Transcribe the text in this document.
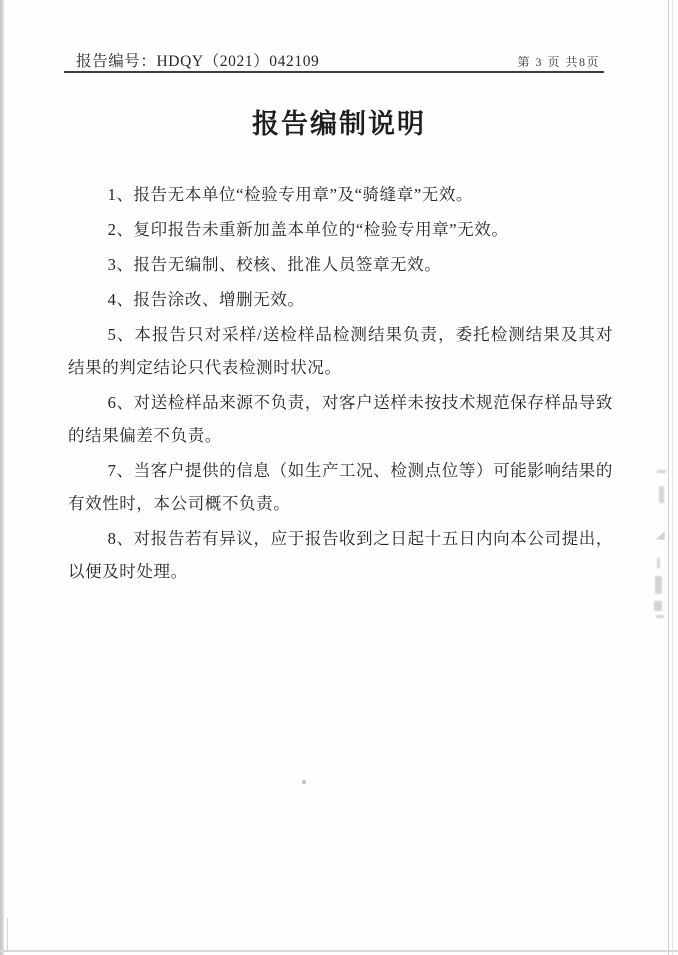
报告编号：HDQY（2021）042109	第 3 页 共8页
报告编制说明

1、报告无本单位“检验专用章”及“骑缝章”无效。

2、复印报告未重新加盖本单位的“检验专用章”无效。

3、报告无编制、校核、批准人员签章无效。

4、报告涂改、增删无效。

5、本报告只对采样/送检样品检测结果负责，委托检测结果及其对结果的判定结论只代表检测时状况。

6、对送检样品来源不负责，对客户送样未按技术规范保存样品导致的结果偏差不负责。

7、当客户提供的信息（如生产工况、检测点位等）可能影响结果的有效性时，本公司概不负责。

8、对报告若有异议，应于报告收到之日起十五日内向本公司提出，以便及时处理。
